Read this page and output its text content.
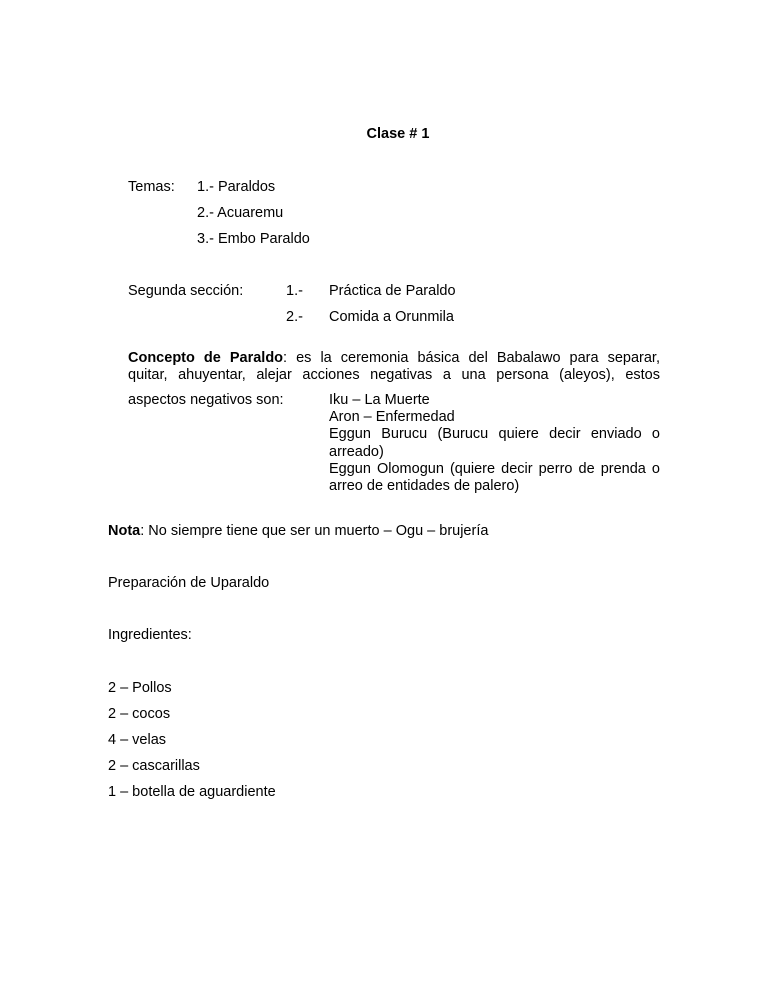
Clase # 1
Temas: 1.- Paraldos
2.- Acuaremu
3.- Embo Paraldo
Segunda sección:	1.- Práctica de Paraldo
2.- Comida a Orunmila
Concepto de Paraldo: es la ceremonia básica del Babalawo para separar,
quitar, ahuyentar, alejar acciones negativas a una persona (aleyos), estos
aspectos negativos son:	Iku – La Muerte
Aron – Enfermedad
Eggun Burucu (Burucu quiere decir enviado o arreado)
Eggun Olomogun (quiere decir perro de prenda o arreo de entidades de palero)
Nota: No siempre tiene que ser un muerto – Ogu – brujería
Preparación de Uparaldo
Ingredientes:
2 – Pollos
2 – cocos
4 – velas
2 – cascarillas
1 – botella de aguardiente
